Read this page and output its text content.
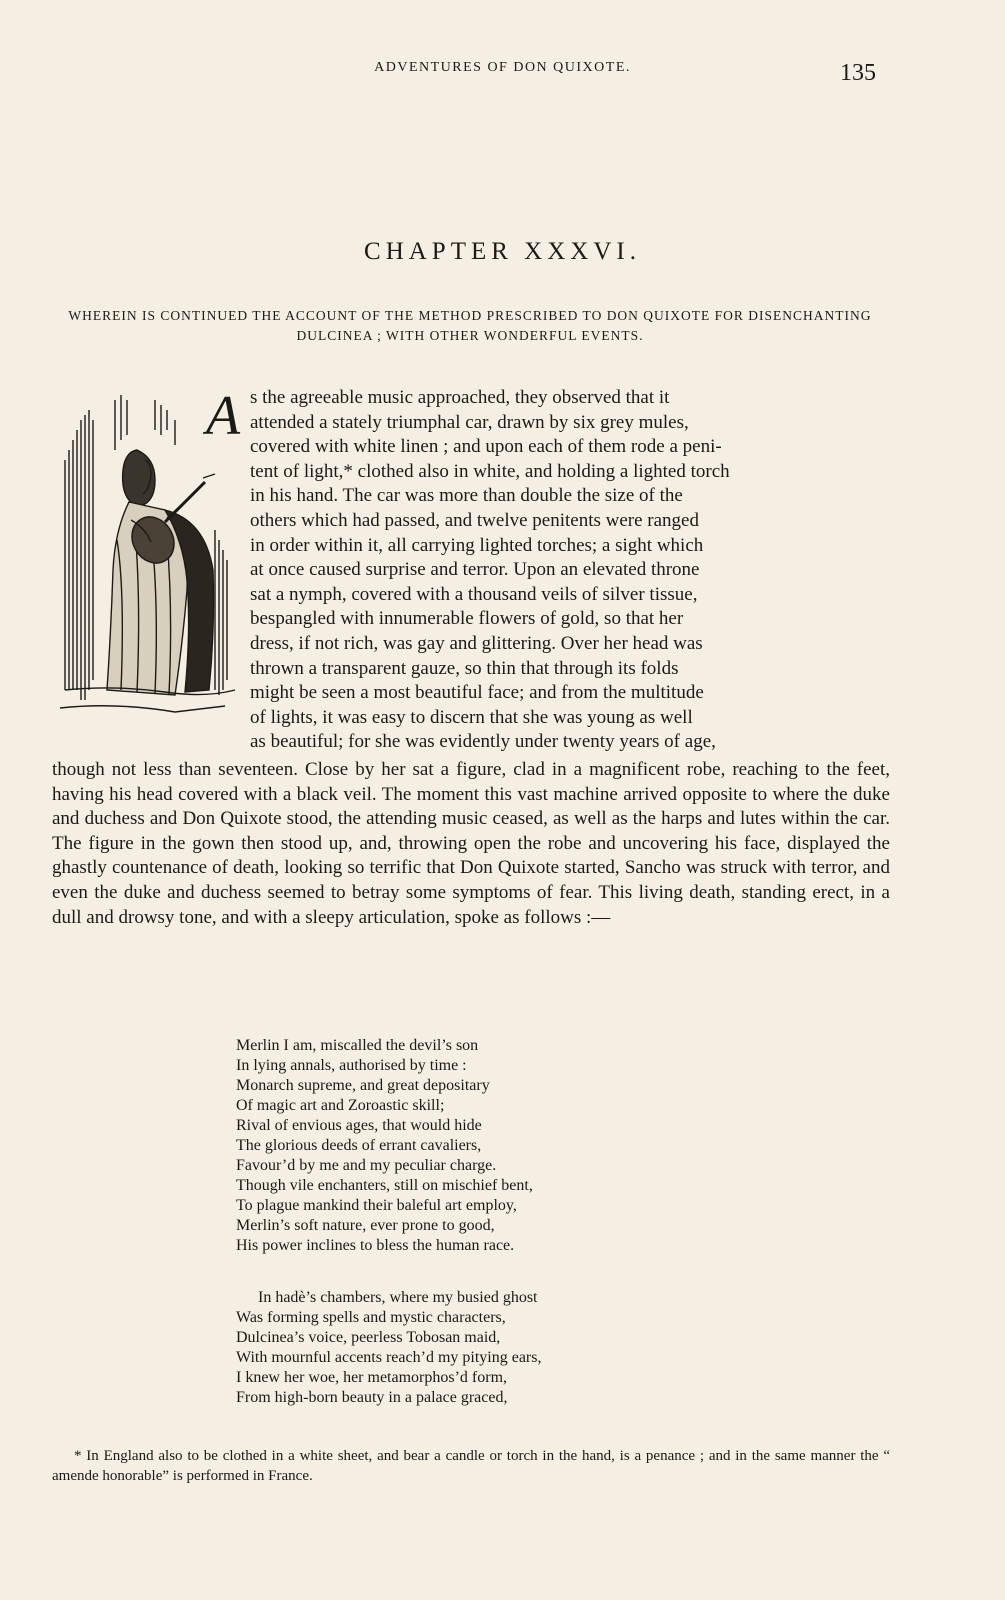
ADVENTURES OF DON QUIXOTE.	135
CHAPTER XXXVI.
WHEREIN IS CONTINUED THE ACCOUNT OF THE METHOD PRESCRIBED TO DON QUIXOTE FOR DISENCHANTING DULCINEA ; WITH OTHER WONDERFUL EVENTS.
A s the agreeable music approached, they observed that it
attended a stately triumphal car, drawn by six grey mules,
covered with white linen ; and upon each of them rode a peni-
tent of light,* clothed also in white, and holding a lighted torch
in his hand. The car was more than double the size of the
others which had passed, and twelve penitents were ranged
in order within it, all carrying lighted torches; a sight which
at once caused surprise and terror. Upon an elevated throne
sat a nymph, covered with a thousand veils of silver tissue,
bespangled with innumerable flowers of gold, so that her
dress, if not rich, was gay and glittering. Over her head was
thrown a transparent gauze, so thin that through its folds
might be seen a most beautiful face; and from the multitude
of lights, it was easy to discern that she was young as well
as beautiful; for she was evidently under twenty years of age,
though not less than seventeen. Close by her sat a figure, clad in a magnificent robe, reaching to the feet, having his head covered with a black veil. The moment this vast machine arrived opposite to where the duke and duchess and Don Quixote stood, the attending music ceased, as well as the harps and lutes within the car. The figure in the gown then stood up, and, throwing open the robe and uncovering his face, displayed the ghastly countenance of death, looking so terrific that Don Quixote started, Sancho was struck with terror, and even the duke and duchess seemed to betray some symptoms of fear. This living death, standing erect, in a dull and drowsy tone, and with a sleepy articulation, spoke as follows :—
Merlin I am, miscalled the devil’s son
In lying annals, authorised by time :
Monarch supreme, and great depositary
Of magic art and Zoroastic skill;
Rival of envious ages, that would hide
The glorious deeds of errant cavaliers,
Favour’d by me and my peculiar charge.
Though vile enchanters, still on mischief bent,
To plague mankind their baleful art employ,
Merlin’s soft nature, ever prone to good,
His power inclines to bless the human race.
In hadè’s chambers, where my busied ghost
Was forming spells and mystic characters,
Dulcinea’s voice, peerless Tobosan maid,
With mournful accents reach’d my pitying ears,
I knew her woe, her metamorphos’d form,
From high-born beauty in a palace graced,
* In England also to be clothed in a white sheet, and bear a candle or torch in the hand, is a penance ; and in the same manner the “ amende honorable” is performed in France.
